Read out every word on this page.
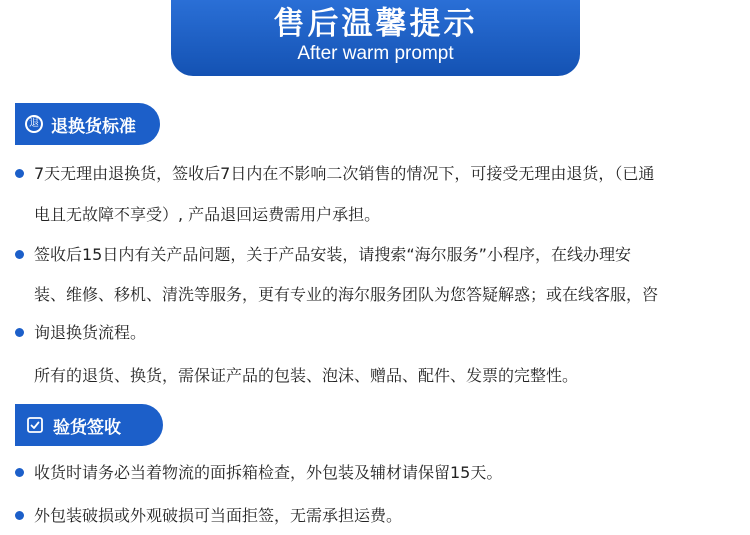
售后温馨提示
After warm prompt
退 退换货标准
7天无理由退换货，签收后7日内在不影响二次销售的情况下，可接受无理由退货，（已通
电且无故障不享受）, 产品退回运费需用户承担。
签收后15日内有关产品问题，关于产品安装，请搜索“海尔服务”小程序，在线办理安
装、维修、移机、清洗等服务，更有专业的海尔服务团队为您答疑解惑；或在线客服，咨
询退换货流程。
所有的退货、换货，需保证产品的包装、泡沫、赠品、配件、发票的完整性。
验货签收
收货时请务必当着物流的面拆箱检查，外包装及辅材请保留15天。
外包装破损或外观破损可当面拒签，无需承担运费。
